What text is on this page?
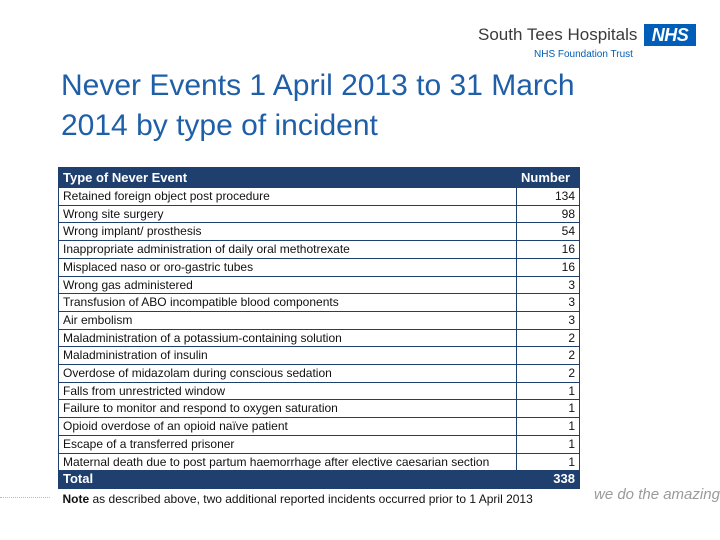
South Tees Hospitals NHS
NHS Foundation Trust
Never Events 1 April 2013 to 31 March 2014 by type of incident
Type of Never Event	Number
Retained foreign object post procedure	134
Wrong site surgery	98
Wrong implant/ prosthesis	54
Inappropriate administration of daily oral methotrexate	16
Misplaced naso or oro-gastric tubes	16
Wrong gas administered	3
Transfusion of ABO incompatible blood components	3
Air embolism	3
Maladministration of a potassium-containing solution	2
Maladministration of insulin	2
Overdose of midazolam during conscious sedation	2
Falls from unrestricted window	1
Failure to monitor and respond to oxygen saturation	1
Opioid overdose of an opioid naïve patient	1
Escape of a transferred prisoner	1
Maternal death due to post partum haemorrhage after elective caesarian section	1
Total	338
Note as described above, two additional reported incidents occurred prior to 1 April 2013		we do the amazing
